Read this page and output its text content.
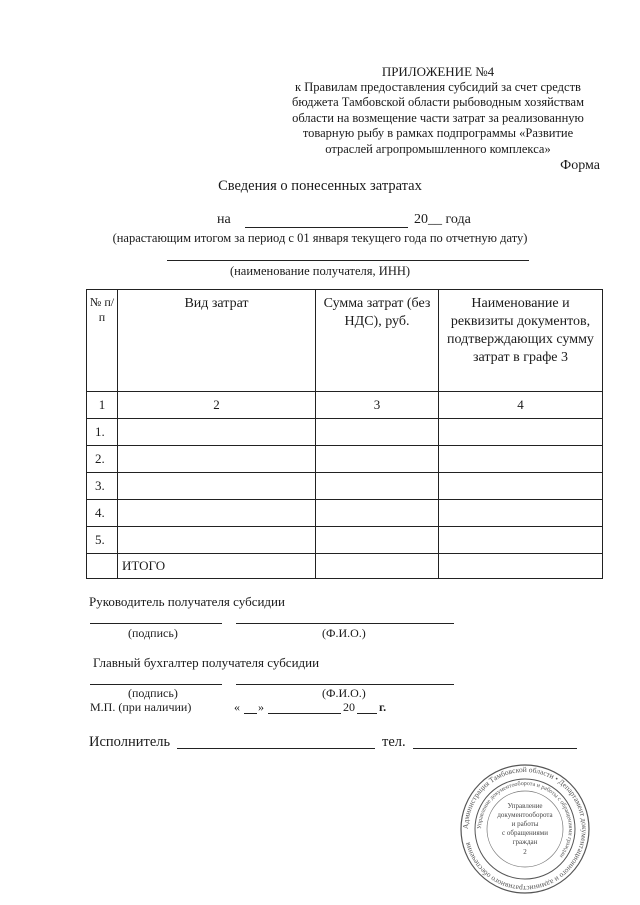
ПРИЛОЖЕНИЕ №4
к Правилам предоставления субсидий за счет средств
бюджета Тамбовской области рыбоводным хозяйствам
области на возмещение части затрат за реализованную
товарную рыбу в рамках подпрограммы «Развитие
отраслей агропромышленного комплекса»
Форма
Сведения о понесенных затратах
на	20__ года
(нарастающим итогом за период с 01 января текущего года по отчетную дату)
(наименование получателя, ИНН)
№ п/п	Вид затрат	Сумма затрат (без НДС), руб.	Наименование и реквизиты документов, подтверждающих сумму затрат в графе 3
1	2	3	4
1.			
2.			
3.			
4.			
5.			
	ИТОГО		
Руководитель получателя субсидии
(подпись)	(Ф.И.О.)
Главный бухгалтер получателя субсидии
(подпись)	(Ф.И.О.)
М.П. (при наличии)	« »	20 г.
Исполнитель	тел.
Администрация Тамбовской области • Департамент документационного и административного обеспечения
Управление документооборота и работы с обращениями граждан
Управление
документооборота
и работы
с обращениями
граждан
2
